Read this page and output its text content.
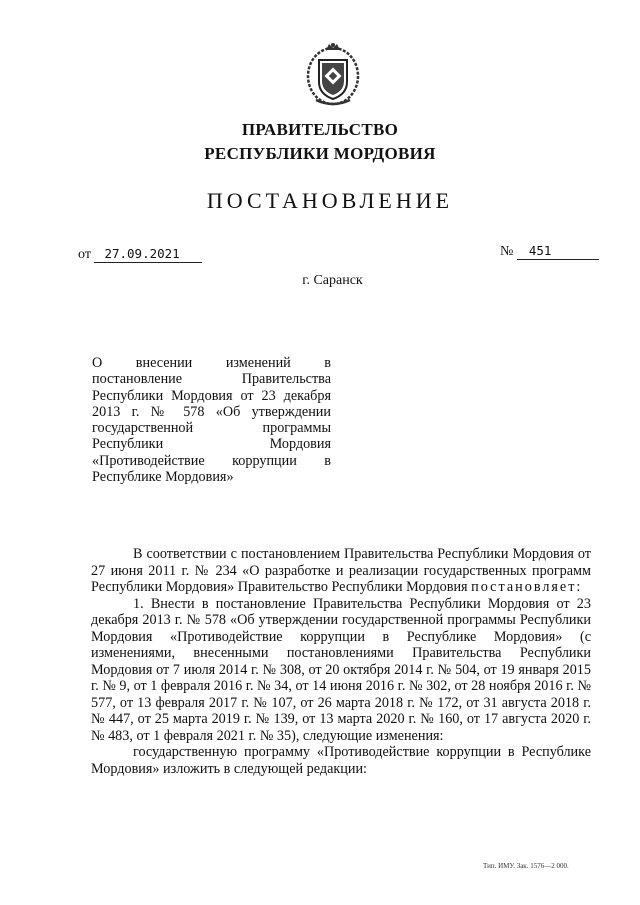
ПРАВИТЕЛЬСТВО
РЕСПУБЛИКИ МОРДОВИЯ
ПОСТАНОВЛЕНИЕ
от 27.09.2021	№ 451
г. Саранск
О внесении изменений в постановление Правительства Республики Мордовия от 23 декабря 2013 г. № 578 «Об утверждении государственной программы Республики Мордовия «Противодействие коррупции в Республике Мордовия»

В соответствии с постановлением Правительства Республики Мордовия от 27 июня 2011 г. № 234 «О разработке и реализации государственных программ Республики Мордовия» Правительство Республики Мордовия постановляет:

1. Внести в постановление Правительства Республики Мордовия от 23 декабря 2013 г. № 578 «Об утверждении государственной программы Республики Мордовия «Противодействие коррупции в Республике Мордовия» (с изменениями, внесенными постановлениями Правительства Республики Мордовия от 7 июля 2014 г. № 308, от 20 октября 2014 г. № 504, от 19 января 2015 г. № 9, от 1 февраля 2016 г. № 34, от 14 июня 2016 г. № 302, от 28 ноября 2016 г. № 577, от 13 февраля 2017 г. № 107, от 26 марта 2018 г. № 172, от 31 августа 2018 г. № 447, от 25 марта 2019 г. № 139, от 13 марта 2020 г. № 160, от 17 августа 2020 г. № 483, от 1 февраля 2021 г. № 35), следующие изменения:

государственную программу «Противодействие коррупции в Республике Мордовия» изложить в следующей редакции:

Тип. ИМУ. Зак. 1576—2 000.
